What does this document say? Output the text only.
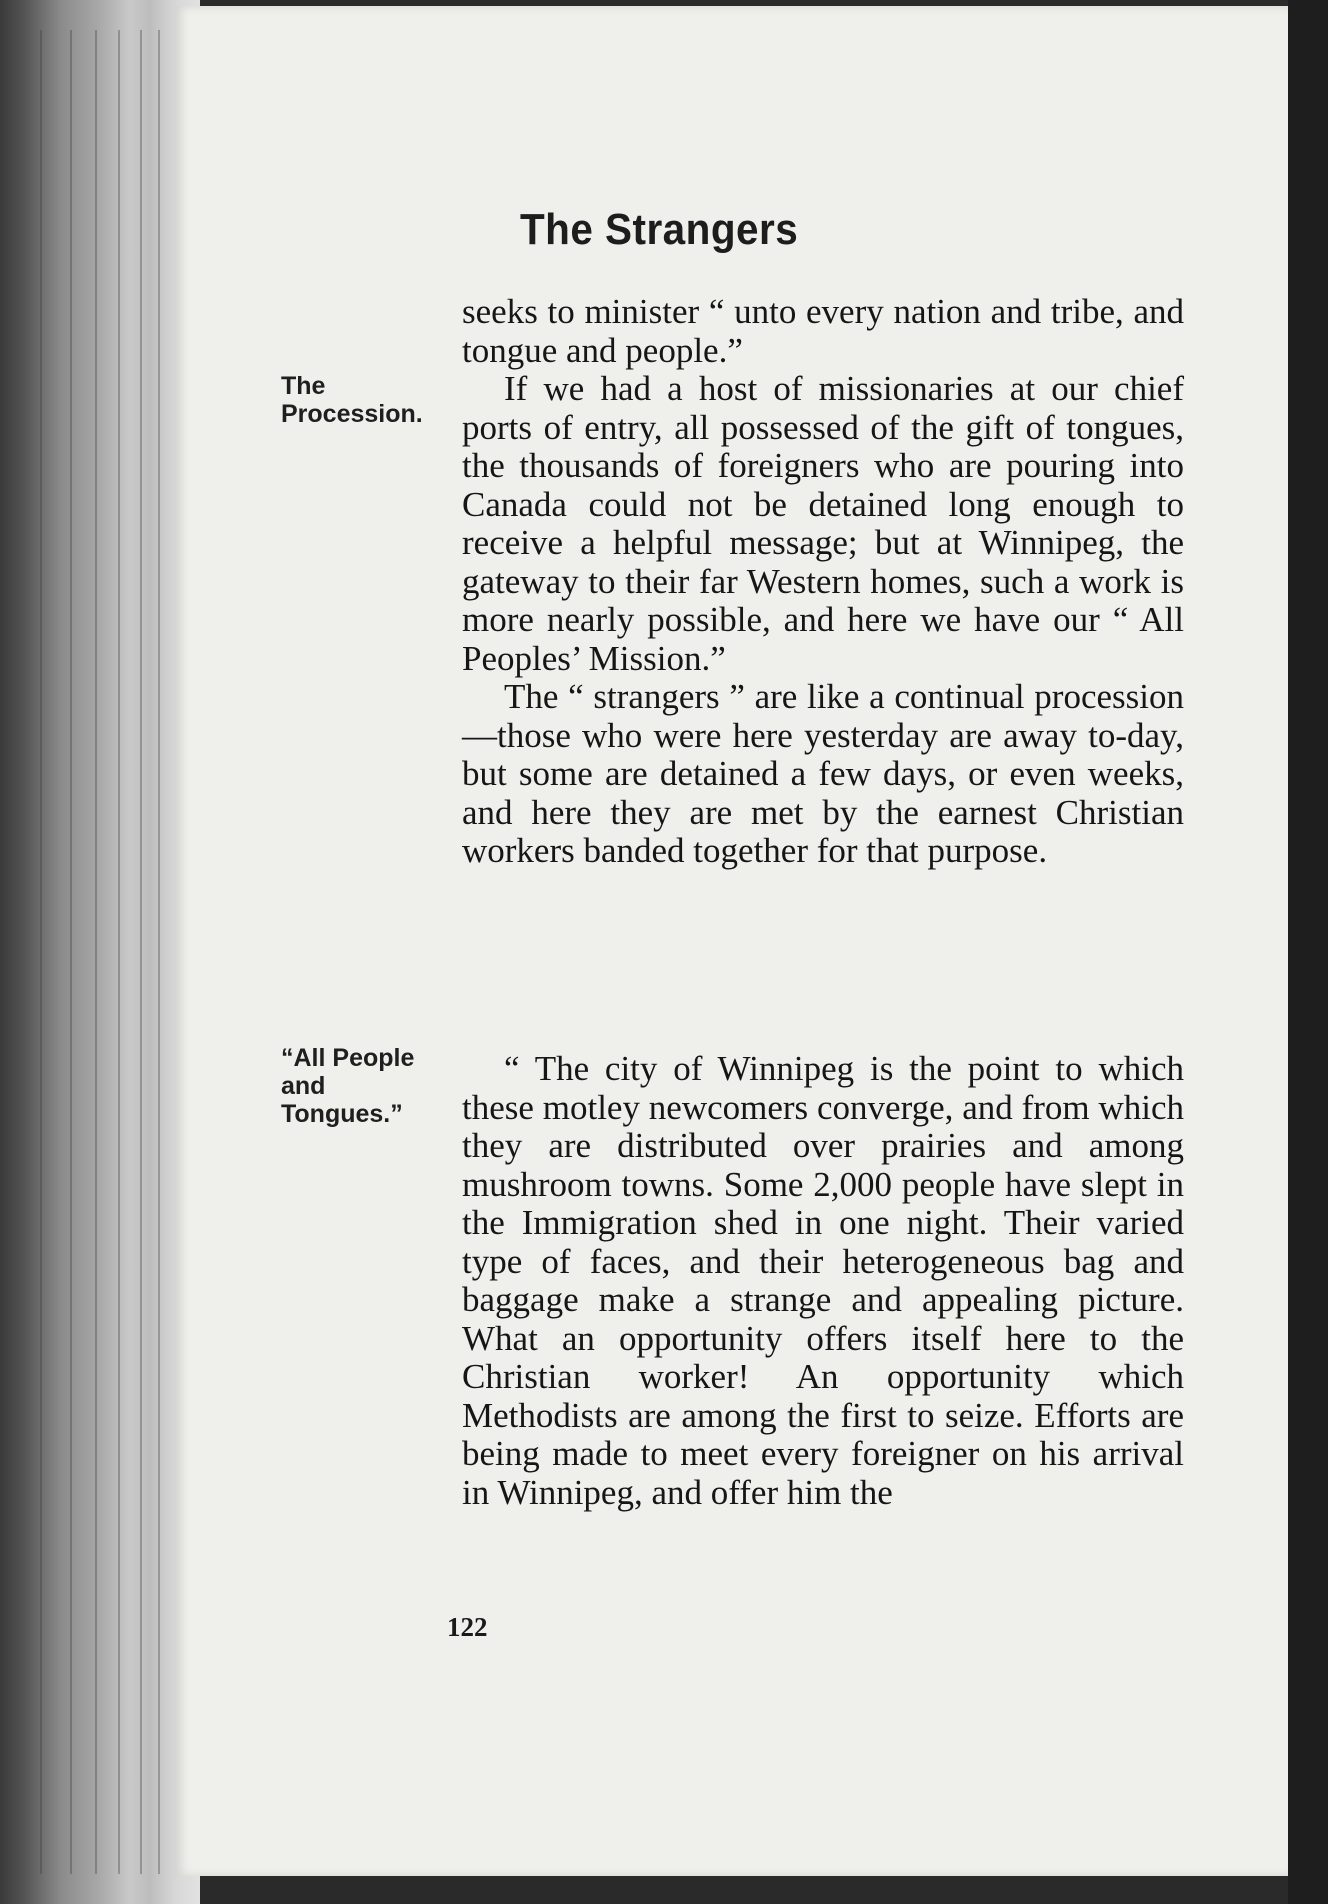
The Strangers
The
Procession.
“All People
and
Tongues.”

seeks to minister “ unto every nation and tribe, and tongue and people.”

If we had a host of missionaries at our chief ports of entry, all possessed of the gift of tongues, the thousands of foreigners who are pouring into Canada could not be detained long enough to receive a helpful message; but at Winnipeg, the gateway to their far Western homes, such a work is more nearly possible, and here we have our “ All Peoples’ Mission.”

The “ strangers ” are like a continual procession—those who were here yesterday are away to-day, but some are detained a few days, or even weeks, and here they are met by the earnest Christian workers banded together for that purpose.

“ The city of Winnipeg is the point to which these motley newcomers converge, and from which they are distributed over prairies and among mushroom towns. Some 2,000 people have slept in the Immigration shed in one night. Their varied type of faces, and their heterogeneous bag and baggage make a strange and appealing picture. What an opportunity offers itself here to the Christian worker! An opportunity which Methodists are among the first to seize. Efforts are being made to meet every foreigner on his arrival in Winnipeg, and offer him the

122
